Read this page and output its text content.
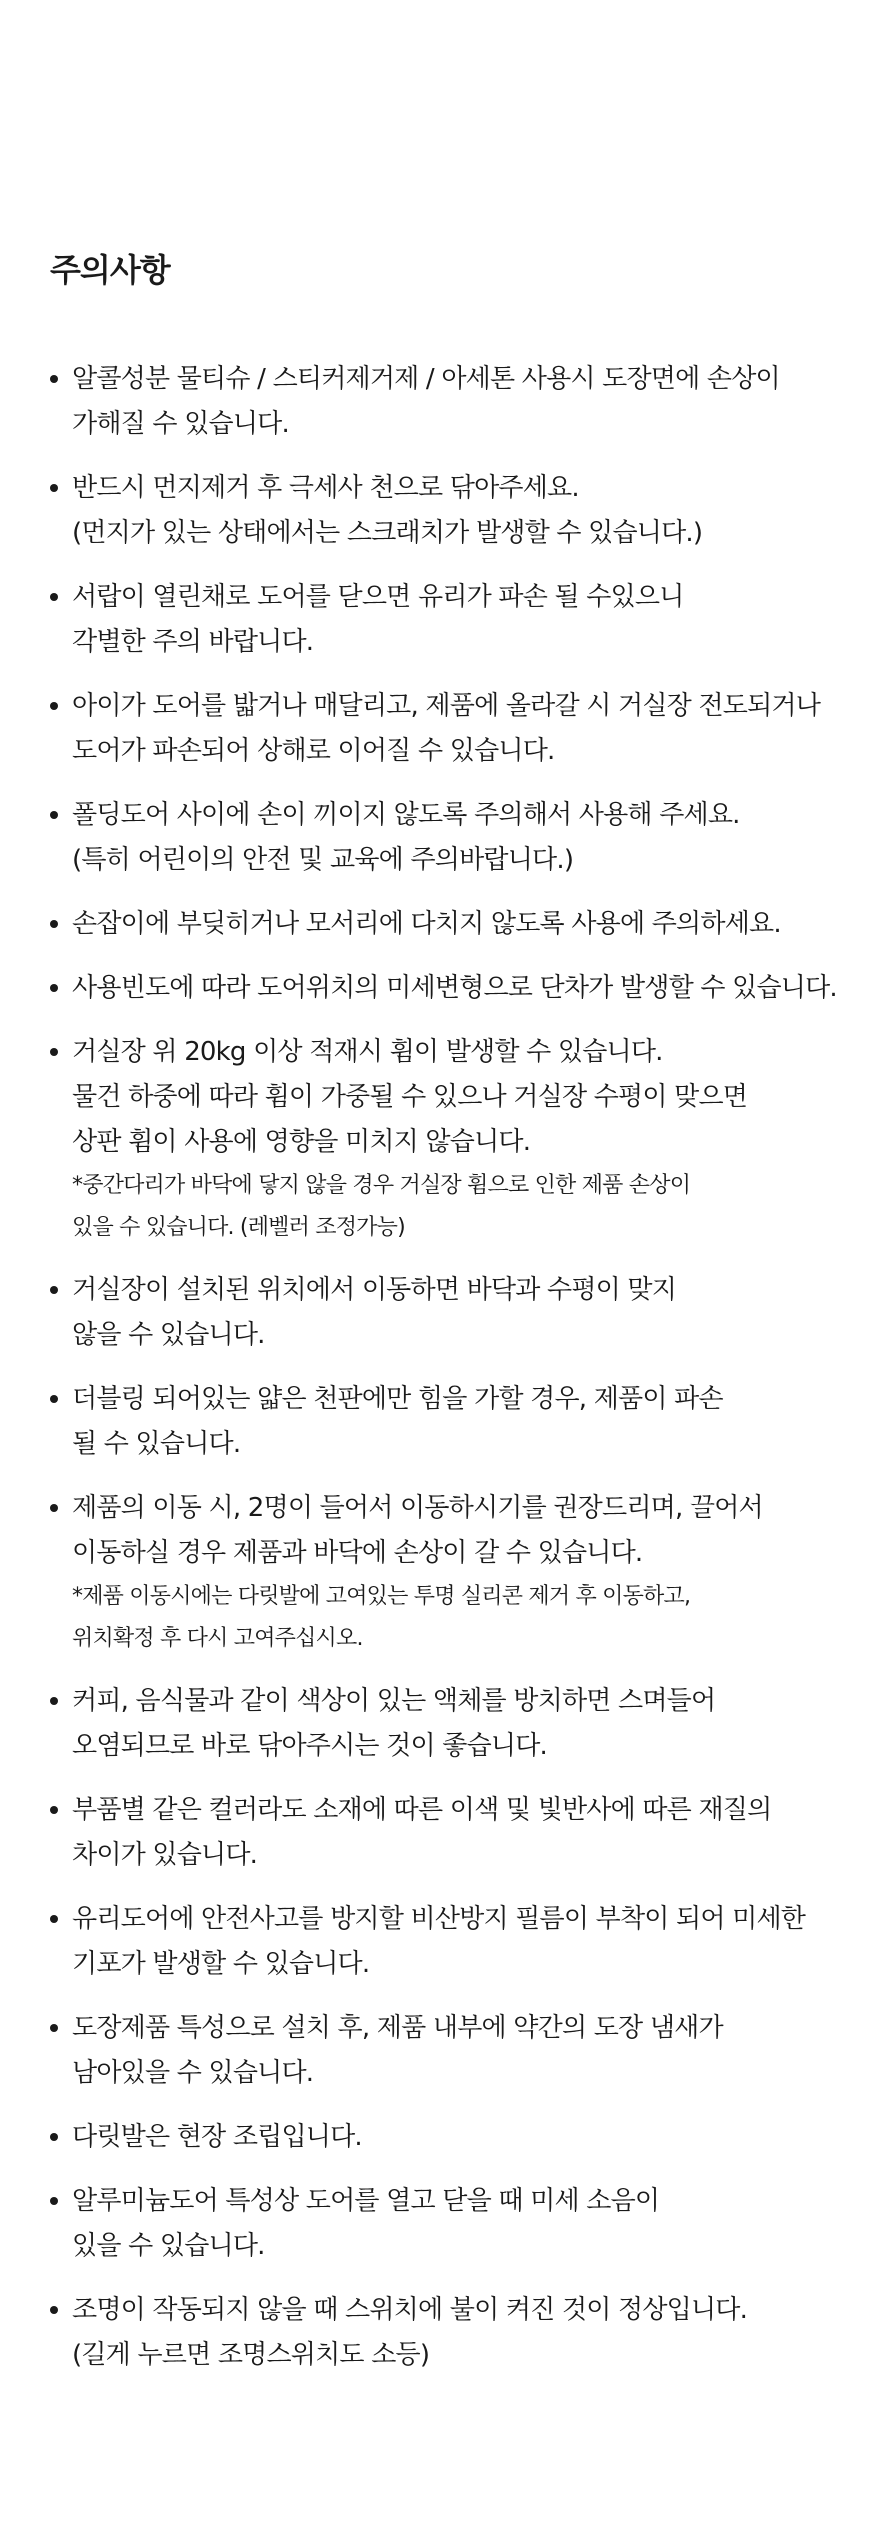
주의사항
알콜성분 물티슈 / 스티커제거제 / 아세톤 사용시 도장면에 손상이
가해질 수 있습니다.
반드시 먼지제거 후 극세사 천으로 닦아주세요.
(먼지가 있는 상태에서는 스크래치가 발생할 수 있습니다.)
서랍이 열린채로 도어를 닫으면 유리가 파손 될 수있으니
각별한 주의 바랍니다.
아이가 도어를 밟거나 매달리고, 제품에 올라갈 시 거실장 전도되거나
도어가 파손되어 상해로 이어질 수 있습니다.
폴딩도어 사이에 손이 끼이지 않도록 주의해서 사용해 주세요.
(특히 어린이의 안전 및 교육에 주의바랍니다.)
손잡이에 부딪히거나 모서리에 다치지 않도록 사용에 주의하세요.
사용빈도에 따라 도어위치의 미세변형으로 단차가 발생할 수 있습니다.
거실장 위 20kg 이상 적재시 휨이 발생할 수 있습니다.
물건 하중에 따라 휨이 가중될 수 있으나 거실장 수평이 맞으면
상판 휨이 사용에 영향을 미치지 않습니다.
*중간다리가 바닥에 닿지 않을 경우 거실장 휨으로 인한 제품 손상이
있을 수 있습니다. (레벨러 조정가능)
거실장이 설치된 위치에서 이동하면 바닥과 수평이 맞지
않을 수 있습니다.
더블링 되어있는 얇은 천판에만 힘을 가할 경우, 제품이 파손
될 수 있습니다.
제품의 이동 시, 2명이 들어서 이동하시기를 권장드리며, 끌어서
이동하실 경우 제품과 바닥에 손상이 갈 수 있습니다.
*제품 이동시에는 다릿발에 고여있는 투명 실리콘 제거 후 이동하고,
위치확정 후 다시 고여주십시오.
커피, 음식물과 같이 색상이 있는 액체를 방치하면 스며들어
오염되므로 바로 닦아주시는 것이 좋습니다.
부품별 같은 컬러라도 소재에 따른 이색 및 빛반사에 따른 재질의
차이가 있습니다.
유리도어에 안전사고를 방지할 비산방지 필름이 부착이 되어 미세한
기포가 발생할 수 있습니다.
도장제품 특성으로 설치 후, 제품 내부에 약간의 도장 냄새가
남아있을 수 있습니다.
다릿발은 현장 조립입니다.
알루미늄도어 특성상 도어를 열고 닫을 때 미세 소음이
있을 수 있습니다.
조명이 작동되지 않을 때 스위치에 불이 켜진 것이 정상입니다.
(길게 누르면 조명스위치도 소등)
